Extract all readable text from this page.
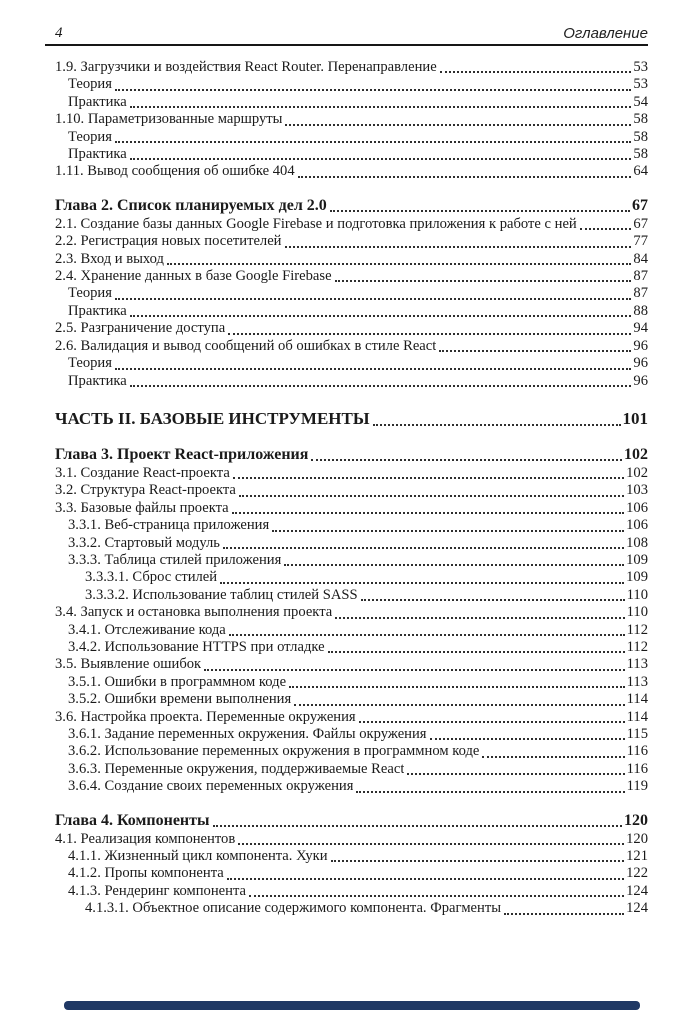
4	Оглавление
1.9. Загрузчики и воздействия React Router. Перенаправление	53
Теория	53
Практика	54
1.10. Параметризованные маршруты	58
Теория	58
Практика	58
1.11. Вывод сообщения об ошибке 404	64
Глава 2. Список планируемых дел 2.0	67
2.1. Создание базы данных Google Firebase и подготовка приложения к работе с ней	67
2.2. Регистрация новых посетителей	77
2.3. Вход и выход	84
2.4. Хранение данных в базе Google Firebase	87
Теория	87
Практика	88
2.5. Разграничение доступа	94
2.6. Валидация и вывод сообщений об ошибках в стиле React	96
Теория	96
Практика	96
ЧАСТЬ II. БАЗОВЫЕ ИНСТРУМЕНТЫ	101
Глава 3. Проект React-приложения	102
3.1. Создание React-проекта	102
3.2. Структура React-проекта	103
3.3. Базовые файлы проекта	106
3.3.1. Веб-страница приложения	106
3.3.2. Стартовый модуль	108
3.3.3. Таблица стилей приложения	109
3.3.3.1. Сброс стилей	109
3.3.3.2. Использование таблиц стилей SASS	110
3.4. Запуск и остановка выполнения проекта	110
3.4.1. Отслеживание кода	112
3.4.2. Использование HTTPS при отладке	112
3.5. Выявление ошибок	113
3.5.1. Ошибки в программном коде	113
3.5.2. Ошибки времени выполнения	114
3.6. Настройка проекта. Переменные окружения	114
3.6.1. Задание переменных окружения. Файлы окружения	115
3.6.2. Использование переменных окружения в программном коде	116
3.6.3. Переменные окружения, поддерживаемые React	116
3.6.4. Создание своих переменных окружения	119
Глава 4. Компоненты	120
4.1. Реализация компонентов	120
4.1.1. Жизненный цикл компонента. Хуки	121
4.1.2. Пропы компонента	122
4.1.3. Рендеринг компонента	124
4.1.3.1. Объектное описание содержимого компонента. Фрагменты	124
